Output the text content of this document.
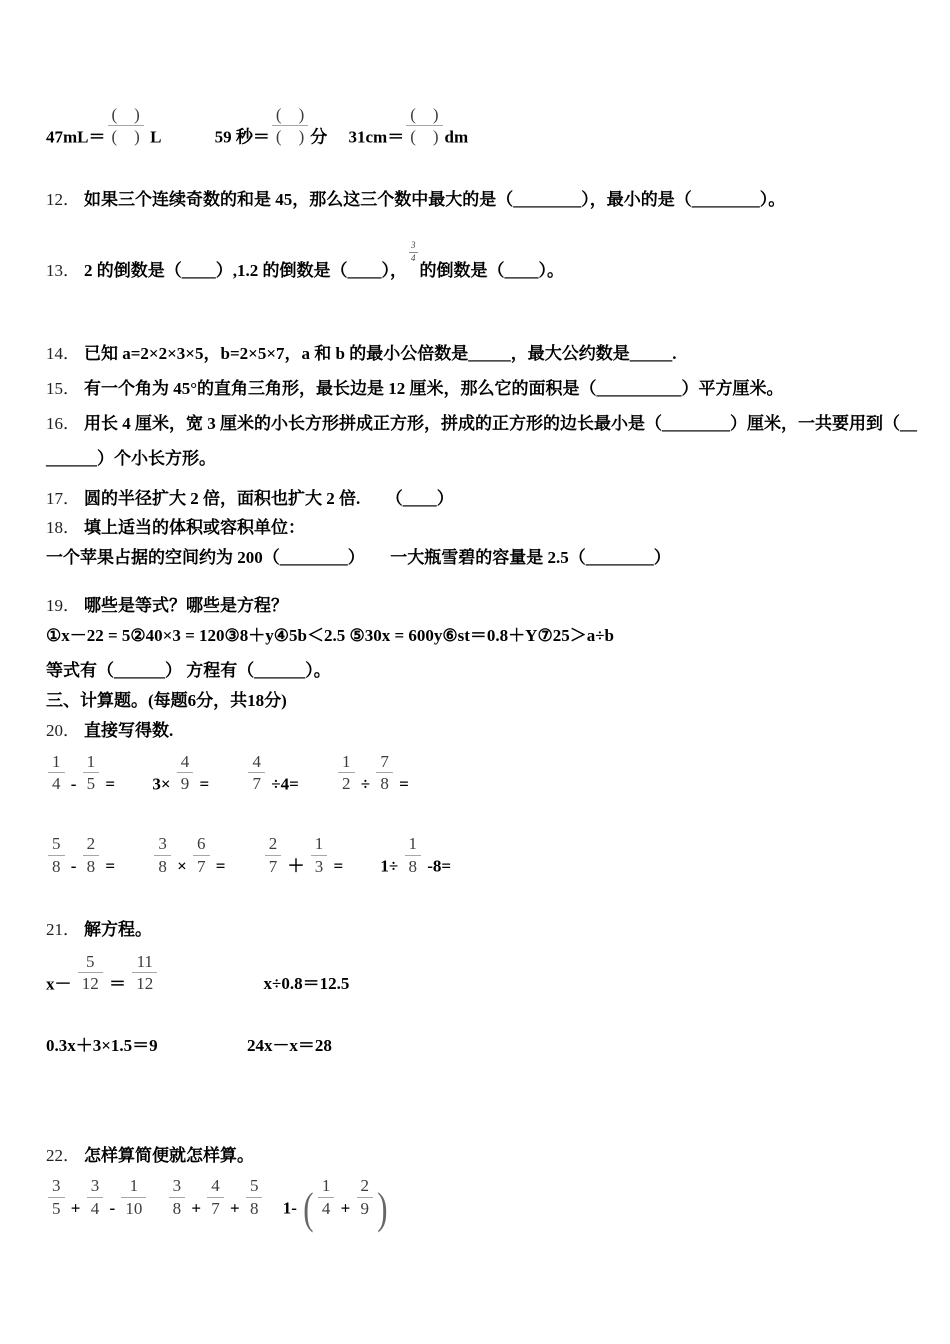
$47mL= \frac{( )}{( )}$ L	59 秒＝ $\frac{( )}{( )}$ 分 $31cm= \frac{( )}{( )}$ dm
12． 如果三个连续奇数的和是 45，那么这三个数中最大的是（________），最小的是（________）。
13． 2 的倒数是（____）,1.2 的倒数是（____），
$\frac{3}{4}$
的倒数是（____）。
14． 已知 a=2×2×3×5，b=2×5×7，a 和 b 的最小公倍数是_____，最大公约数是_____.
15． 有一个角为 45°的直角三角形，最长边是 12 厘米，那么它的面积是（__________）平方厘米。
16． 用长 4 厘米，宽 3 厘米的小长方形拼成正方形，拼成的正方形的边长最小是（________）厘米，一共要用到（__
______）个小长方形。
17． 圆的半径扩大 2 倍，面积也扩大 2 倍.　　（____）
18． 填上适当的体积或容积单位：
一个苹果占据的空间约为 200（________）　　一大瓶雪碧的容量是 2.5（________）
19． 哪些是等式？哪些是方程？
①x－22 = 5②40×3 = 120③8＋y④5b＜2.5 ⑤30x = 600y⑥st＝0.8＋Y⑦25＞a÷b
等式有（______） 方程有（______）。
三、计算题。(每题6分，共18分)
20． 直接写得数.
$\frac{1}{4} - \frac{1}{5} = 3\times \frac{4}{9} = \frac{4}{7} \div 4= \frac{1}{2} \div \frac{7}{8}$ =
$\frac{5}{8} - \frac{2}{8} = \frac{3}{8} \times \frac{6}{7} = \frac{2}{7} + \frac{1}{3} = 1\div \frac{1}{8} -8=$
21． 解方程。
$x- \frac{5}{12} = \frac{11}{12}$	x÷0.8＝12.5
0.3x＋3×1.5＝9	24x－x＝28
22． 怎样算简便就怎样算。
$\frac{3}{5} + \frac{3}{4} - \frac{1}{10}$
$\frac{3}{8} + \frac{4}{7} + \frac{5}{8} 1-$ ( $\frac{1}{4} + \frac{2}{9}$ )
